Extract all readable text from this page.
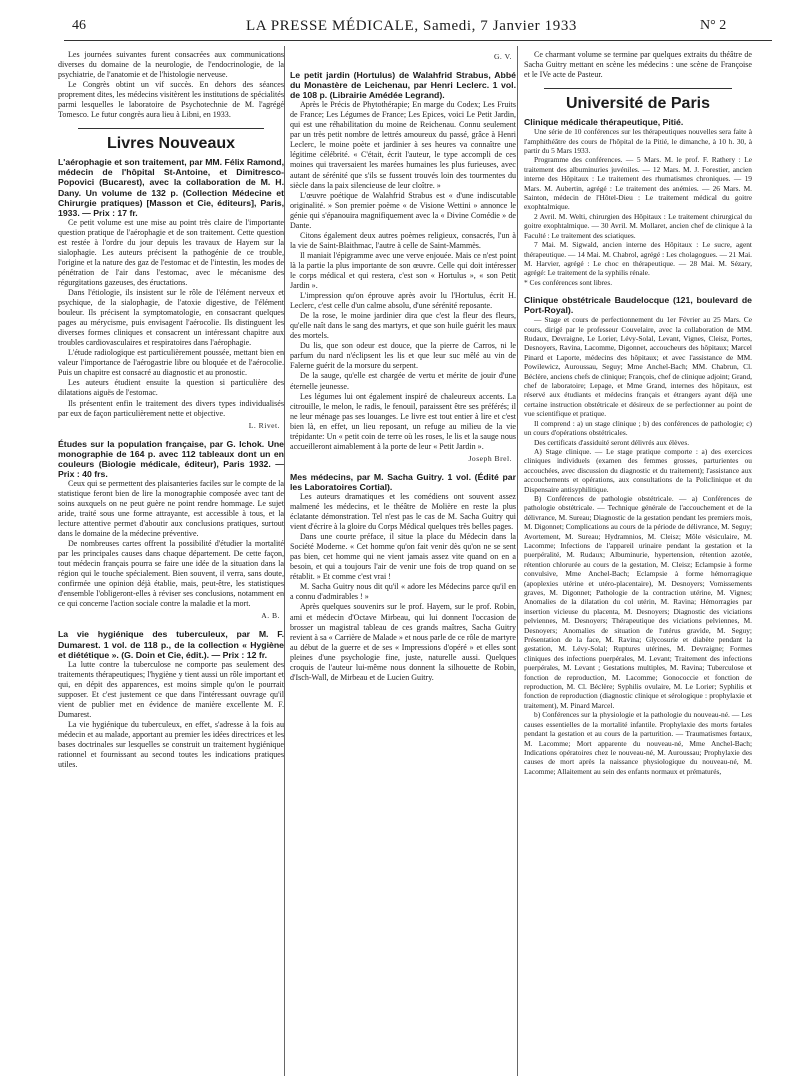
46	LA PRESSE MÉDICALE, Samedi, 7 Janvier 1933	N° 2

Les journées suivantes furent consacrées aux communications diverses du domaine de la neurologie, de l'endocrinologie, de la psychiatrie, de l'anatomie et de l'histologie nerveuse.

Le Congrès obtint un vif succès. En dehors des séances proprement dites, les médecins visitèrent les institutions de spécialités parmi lesquelles le laboratoire de Psychotechnie de M. l'agrégé Tomesco. Le futur congrès aura lieu à Libni, en 1933.

Livres Nouveaux

L'aérophagie et son traitement, par MM. Félix Ramond, médecin de l'hôpital St-Antoine, et Dimitresco-Popovici (Bucarest), avec la collaboration de M. H. Dany. Un volume de 132 p. (Collection Médecine et Chirurgie pratiques) [Masson et Cie, éditeurs], Paris, 1933. — Prix : 17 fr.

Ce petit volume est une mise au point très claire de l'importante question pratique de l'aérophagie et de son traitement. Cette question est restée à l'ordre du jour depuis les travaux de Hayem sur la sialophagie. Les auteurs précisent la pathogénie de ce trouble, l'origine et la nature des gaz de l'estomac et de l'intestin, les modes de pénétration de l'air dans l'estomac, avec le mécanisme des régurgitations gazeuses, des éructations.

Dans l'étiologie, ils insistent sur le rôle de l'élément nerveux et psychique, de la sialophagie, de l'atoxie digestive, de l'élément bouleur. Ils précisent la symptomatologie, en consacrant quelques pages au mérycisme, puis envisagent l'aérocolie. Ils distinguent les diverses formes cliniques et consacrent un intéressant chapitre aux troubles cardiovasculaires et respiratoires dans l'aérophagie.

L'étude radiologique est particulièrement poussée, mettant bien en valeur l'importance de l'aérogastrie libre ou bloquée et de l'aérocolie. Puis un chapitre est consacré au diagnostic et au pronostic.

Les auteurs étudient ensuite la question si particulière des dilatations aiguës de l'estomac.

Ils présentent enfin le traitement des divers types individualisés par eux de façon particulièrement nette et objective.

L. Rivet.

Études sur la population française, par G. Ichok. Une monographie de 164 p. avec 112 tableaux dont un en couleurs (Biologie médicale, éditeur), Paris 1932. — Prix : 40 frs.

Ceux qui se permettent des plaisanteries faciles sur le compte de la statistique feront bien de lire la monographie composée avec tant de soins auxquels on ne peut guère ne point rendre hommage. Le sujet aride, traité sous une forme attrayante, est accessible à tous, et la lecture attentive permet d'aboutir aux conclusions pratiques, surtout dans le domaine de la médecine préventive.

De nombreuses cartes offrent la possibilité d'étudier la mortalité par les principales causes dans chaque département. De cette façon, tout médecin français pourra se faire une idée de la situation dans la région qui le touche spécialement. Bien souvent, il verra, sans doute, confirmée une opinion déjà établie, mais, peut-être, les statistiques d'ensemble l'obligeront-elles à réviser ses conclusions, notamment en ce qui concerne l'action sociale contre la maladie et la mort.

A. B.

La vie hygiénique des tuberculeux, par M. F. Dumarest. 1 vol. de 118 p., de la collection « Hygiène et diététique ». (G. Doin et Cie, édit.). — Prix : 12 fr.

La lutte contre la tuberculose ne comporte pas seulement des traitements thérapeutiques; l'hygiène y tient aussi un rôle important et qui, en dépit des apparences, est moins simple qu'on le pourrait supposer. Et c'est justement ce que dans l'intéressant ouvrage qu'il vient de publier met en évidence de manière excellente M. F. Dumarest.

La vie hygiénique du tuberculeux, en effet, s'adresse à la fois au médecin et au malade, apportant au premier les idées directrices et les bases doctrinales sur lesquelles se construit un traitement hygiénique rationnel et fournissant au second toutes les indications pratiques utiles.

G. V.

Le petit jardin (Hortulus) de Walahfrid Strabus, Abbé du Monastère de Leichenau, par Henri Leclerc. 1 vol. de 108 p. (Librairie Amédée Legrand).

Après le Précis de Phytothérapie; En marge du Codex; Les Fruits de France; Les Légumes de France; Les Epices, voici Le Petit Jardin, qui est une réhabilitation du moine de Reichenau. Connu seulement par un très petit nombre de lettrés amoureux du passé, grâce à Henri Leclerc, le moine poète et jardinier à ses heures va connaître une légitime célébrité. « C'était, écrit l'auteur, le type accompli de ces moines qui traversaient les marées humaines les plus furieuses, avec autant de sérénité que s'ils se fussent trouvés loin des tourmentes du siècle dans la paix silencieuse de leur cloître. »

L'œuvre poétique de Walahfrid Strabus est « d'une indiscutable originalité. » Son premier poème « de Visione Wettini » annonce le génie qui s'épanouira magnifiquement avec la « Divine Comédie » de Dante.

Citons également deux autres poèmes religieux, consacrés, l'un à la vie de Saint-Blaithmac, l'autre à celle de Saint-Mammès.

Il maniait l'épigramme avec une verve enjouée. Mais ce n'est point là la partie la plus importante de son œuvre. Celle qui doit intéresser le corps médical et qui restera, c'est son « Hortulus », « son Petit Jardin ».

L'impression qu'on éprouve après avoir lu l'Hortulus, écrit H. Leclerc, c'est celle d'un calme absolu, d'une sérénité reposante.

De la rose, le moine jardinier dira que c'est la fleur des fleurs, qu'elle naît dans le sang des martyrs, et que son huile guérit les maux des mortels.

Du lis, que son odeur est douce, que la pierre de Carros, ni le parfum du nard n'éclipsent les lis et que leur suc mêlé au vin de Falerne guérit de la morsure du serpent.

De la sauge, qu'elle est chargée de vertu et mérite de jouir d'une éternelle jeunesse.

Les légumes lui ont également inspiré de chaleureux accents. La citrouille, le melon, le radis, le fenouil, paraissent être ses préférés; il ne leur ménage pas ses louanges. Le livre est tout entier à lire et c'est bien là, en effet, un lieu reposant, un refuge au milieu de la vie trépidante: Un « petit coin de terre où les roses, le lis et la sauge nous accueilleront aimablement à la porte de leur « Petit Jardin ».

Joseph Brel.

Mes médecins, par M. Sacha Guitry. 1 vol. (Édité par les Laboratoires Cortial).

Les auteurs dramatiques et les comédiens ont souvent assez malmené les médecins, et le théâtre de Molière en reste la plus éclatante démonstration. Tel n'est pas le cas de M. Sacha Guitry qui vient d'écrire à la gloire du Corps Médical quelques très belles pages.

Dans une courte préface, il situe la place du Médecin dans la Société Moderne. « Cet homme qu'on fait venir dès qu'on ne se sent pas bien, cet homme qui ne vient jamais assez vite quand on en a besoin, et qui a toujours l'air de venir une fois de trop quand on se rétablit. » Et comme c'est vrai !

M. Sacha Guitry nous dit qu'il « adore les Médecins parce qu'il en a connu d'admirables ! »

Après quelques souvenirs sur le prof. Hayem, sur le prof. Robin, ami et médecin d'Octave Mirbeau, qui lui donnent l'occasion de brosser un magistral tableau de ces grands maîtres, Sacha Guitry revient à sa « Carrière de Malade » et nous parle de ce rôle de martyre au début de la guerre et de ses « Impressions d'opéré » et elles sont pleines d'une psychologie fine, juste, naturelle aussi. Quelques croquis de l'auteur lui-même nous donnent la silhouette de Robin, d'Isch-Wall, de Mirbeau et de Lucien Guitry.

Ce charmant volume se termine par quelques extraits du théâtre de Sacha Guitry mettant en scène les médecins : une scène de Françoise et le IVe acte de Pasteur.

Université de Paris

Clinique médicale thérapeutique, Pitié.

Une série de 10 conférences sur les thérapeutiques nouvelles sera faite à l'amphithéâtre des cours de l'hôpital de la Pitié, le dimanche, à 10 h. 30, à partir du 5 Mars 1933.

Programme des conférences. — 5 Mars. M. le prof. F. Rathery : Le traitement des albuminuries juvéniles. — 12 Mars. M. J. Forestier, ancien interne des Hôpitaux : Le traitement des rhumatismes chroniques. — 19 Mars. M. Aubertin, agrégé : Le traitement des anémies. — 26 Mars. M. Sainton, médecin de l'Hôtel-Dieu : Le traitement médical du goitre exophtalmique.

2 Avril. M. Welti, chirurgien des Hôpitaux : Le traitement chirurgical du goitre exophtalmique. — 30 Avril. M. Mollaret, ancien chef de clinique à la Faculté : Le traitement des sciatiques.

7 Mai. M. Sigwald, ancien interne des Hôpitaux : Le sucre, agent thérapeutique. — 14 Mai. M. Chabrol, agrégé : Les cholagogues. — 21 Mai. M. Harvier, agrégé : Le choc en thérapeutique. — 28 Mai. M. Sézary, agrégé: Le traitement de la syphilis rénale.

* Ces conférences sont libres.

Clinique obstétricale Baudelocque (121, boulevard de Port-Royal).

— Stage et cours de perfectionnement du 1er Février au 25 Mars. Ce cours, dirigé par le professeur Couvelaire, avec la collaboration de MM. Rudaux, Devraigne, Le Lorier, Lévy-Solal, Levant, Vignes, Cleisz, Portes, Desnoyers, Ravina, Lacomme, Digonnet, accoucheurs des hôpitaux; Marcel Pinard et Laporte, médecins des hôpitaux; et avec l'assistance de MM. Powilewicz, Auroussau, Seguy; Mme Anchel-Bach; MM. Chabrun, Cl. Béclère, anciens chefs de clinique; François, chef de clinique adjoint; Grand, chef de laboratoire; Lepage, et Mme Grand, internes des hôpitaux, est réservé aux étudiants et médecins français et étrangers ayant déjà une certaine instruction obstétricale et désireux de se perfectionner au point de vue scientifique et pratique.

Il comprend : a) un stage clinique ; b) des conférences de pathologie; c) un cours d'opérations obstétricales.

Des certificats d'assiduité seront délivrés aux élèves.

A) Stage clinique. — Le stage pratique comporte : a) des exercices cliniques individuels (examen des femmes grosses, parturientes ou accouchées, avec discussion du diagnostic et du traitement); l'assistance aux accouchements et opérations, aux consultations de la Policlinique et du Dispensaire antisyphilitique.

B) Conférences de pathologie obstétricale. — a) Conférences de pathologie obstétricale. — Technique générale de l'accouchement et de la délivrance, M. Sureau; Diagnostic de la gestation pendant les premiers mois, M. Digonnet; Complications au cours de la période de délivrance, M. Seguy; Avortement, M. Sureau; Hydramnios, M. Cleisz; Môle vésiculaire, M. Lacomme; Infections de l'appareil urinaire pendant la gestation et la puerpéralité, M. Rudaux; Albuminurie, hypertension, rétention azotée, rétention chlorurée au cours de la gestation, M. Cleisz; Eclampsie à forme convulsive, Mme Anchel-Bach; Eclampsie à forme hémorragique (apoplexies utérine et utéro-placentaire), M. Desnoyers; Vomissements graves, M. Digonnet; Pathologie de la contraction utérine, M. Vignes; Anomalies de la dilatation du col utérin, M. Ravina; Hémorragies par insertion vicieuse du placenta, M. Desnoyers; Diagnostic des viciations pelviennes, M. Desnoyers; Thérapeutique des viciations pelviennes, M. Desnoyers; Anomalies de situation de l'utérus gravide, M. Seguy; Présentation de la face, M. Ravina; Glycosurie et diabète pendant la gestation, M. Lévy-Solal; Ruptures utérines, M. Devraigne; Formes cliniques des infections puerpérales, M. Levant; Traitement des infections puerpérales, M. Levant ; Gestations multiples, M. Ravina; Tuberculose et fonction de reproduction, M. Lacomme; Gonococcie et fonction de reproduction, M. Cl. Béclère; Syphilis ovulaire, M. Le Lorier; Syphilis et fonction de reproduction (diagnostic clinique et sérologique : prophylaxie et traitement), M. Pinard Marcel.

b) Conférences sur la physiologie et la pathologie du nouveau-né. — Les causes essentielles de la mortalité infantile. Prophylaxie des morts fœtales pendant la gestation et au cours de la parturition. — Traumatismes fœtaux, M. Lacomme; Mort apparente du nouveau-né, Mme Anchel-Bach; Indications opératoires chez le nouveau-né, M. Auroussau; Prophylaxie des causes de mort après la naissance physiologique du nouveau-né, M. Lacomme; Allaitement au sein des enfants normaux et prématurés,
